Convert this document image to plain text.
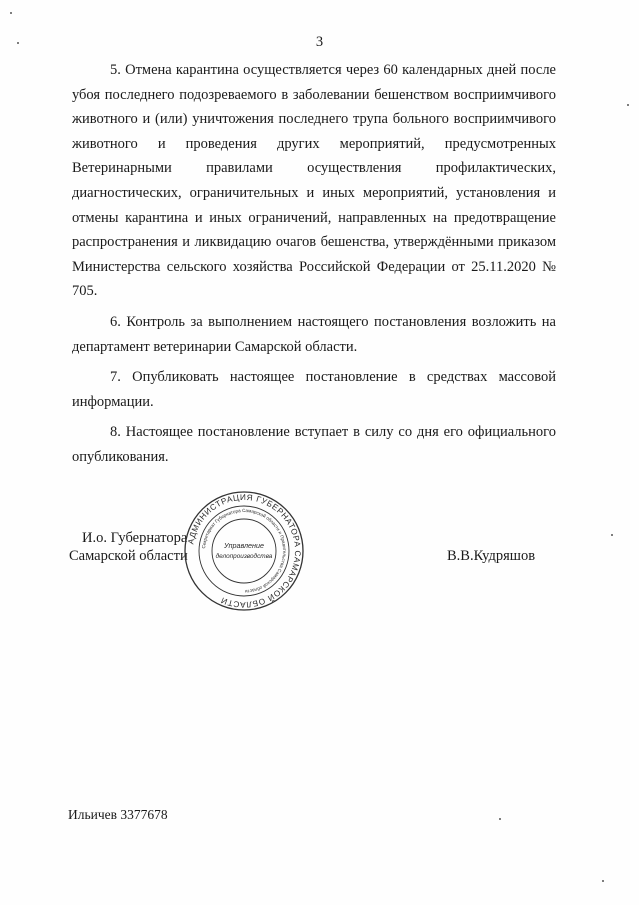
3

5. Отмена карантина осуществляется через 60 календарных дней после убоя последнего подозреваемого в заболевании бешенством восприимчивого животного и (или) уничтожения последнего трупа больного восприимчивого животного и проведения других мероприятий, предусмотренных Ветеринарными правилами осуществления профилактических, диагностических, ограничительных и иных мероприятий, установления и отмены карантина и иных ограничений, направленных на предотвращение распространения и ликвидацию очагов бешенства, утверждёнными приказом Министерства сельского хозяйства Российской Федерации от 25.11.2020 № 705.

6. Контроль за выполнением настоящего постановления возложить на департамент ветеринарии Самарской области.

7. Опубликовать настоящее постановление в средствах массовой информации.

8. Настоящее постановление вступает в силу со дня его официального опубликования.

И.о. Губернатора
Самарской области	В.В.Кудряшов
АДМИНИСТРАЦИЯ ГУБЕРНАТОРА САМАРСКОЙ ОБЛАСТИ
Секретариат Губернатора Самарской области и Правительства Самарской области
Управление
делопроизводства
Ильичев 3377678
